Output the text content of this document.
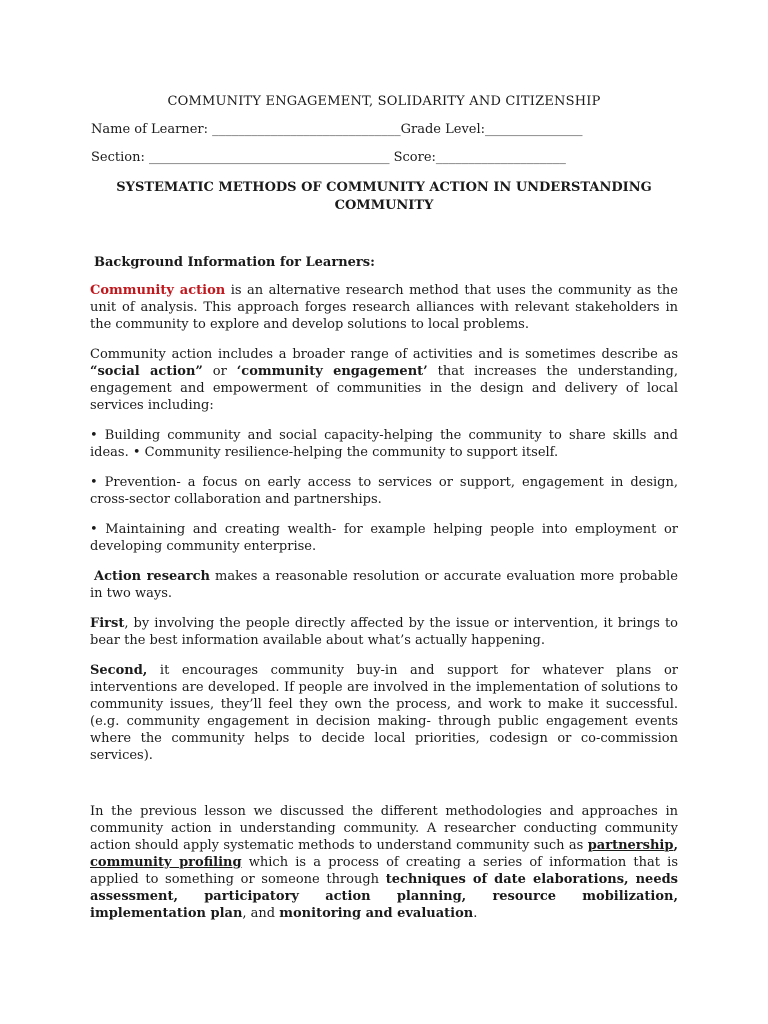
COMMUNITY ENGAGEMENT, SOLIDARITY AND CITIZENSHIP
Name of Learner: _____________________________Grade Level:_______________
Section: _____________________________________ Score:____________________
SYSTEMATIC METHODS OF COMMUNITY ACTION IN UNDERSTANDING COMMUNITY

Background Information for Learners:

Community action is an alternative research method that uses the community as the unit of analysis. This approach forges research alliances with relevant stakeholders in the community to explore and develop solutions to local problems.

Community action includes a broader range of activities and is sometimes describe as “social action” or ‘community engagement’ that increases the understanding, engagement and empowerment of communities in the design and delivery of local services including:

• Building community and social capacity-helping the community to share skills and ideas. • Community resilience-helping the community to support itself.

• Prevention- a focus on early access to services or support, engagement in design, cross-sector collaboration and partnerships.

• Maintaining and creating wealth- for example helping people into employment or developing community enterprise.

Action research makes a reasonable resolution or accurate evaluation more probable in two ways.

First, by involving the people directly affected by the issue or intervention, it brings to bear the best information available about what’s actually happening.

Second, it encourages community buy-in and support for whatever plans or interventions are developed. If people are involved in the implementation of solutions to community issues, they’ll feel they own the process, and work to make it successful. (e.g. community engagement in decision making- through public engagement events where the community helps to decide local priorities, codesign or co-commission services).

In the previous lesson we discussed the different methodologies and approaches in community action in understanding community. A researcher conducting community action should apply systematic methods to understand community such as partnership, community profiling which is a process of creating a series of information that is applied to something or someone through techniques of date elaborations, needs assessment, participatory action planning, resource mobilization, implementation plan, and monitoring and evaluation.
